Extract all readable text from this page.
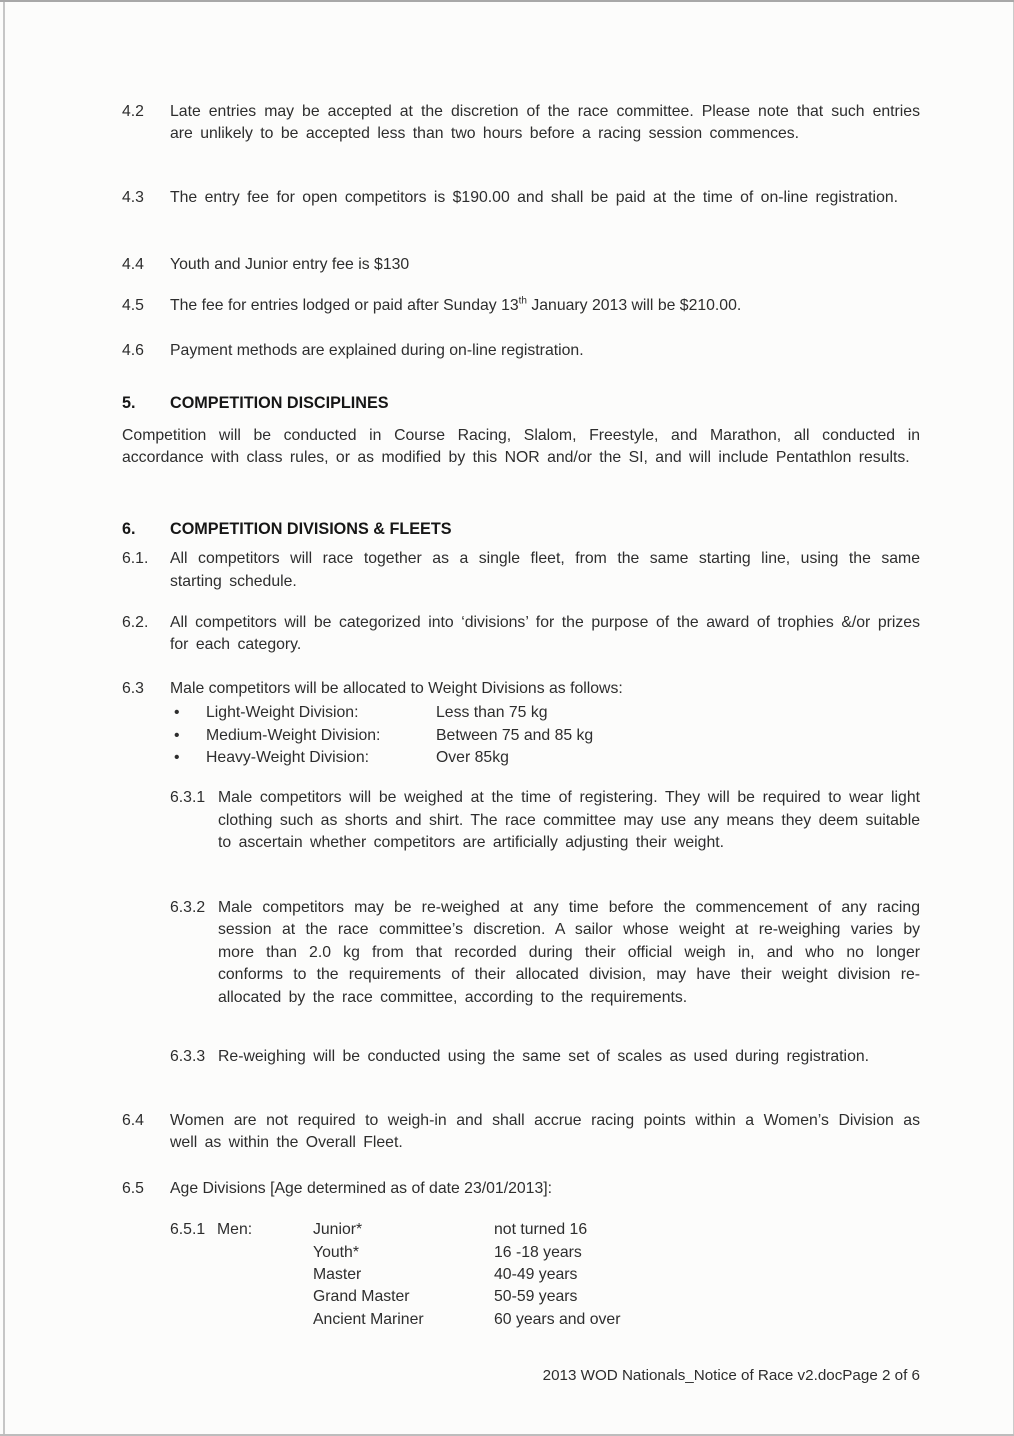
4.2	Late entries may be accepted at the discretion of the race committee. Please note that such entries are unlikely to be accepted less than two hours before a racing session commences.

4.3	The entry fee for open competitors is $190.00 and shall be paid at the time of on-line registration.

4.4	Youth and Junior entry fee is $130

4.5	The fee for entries lodged or paid after Sunday 13th January 2013 will be $210.00.

4.6	Payment methods are explained during on-line registration.

5.	COMPETITION DISCIPLINES

Competition will be conducted in Course Racing, Slalom, Freestyle, and Marathon, all conducted in accordance with class rules, or as modified by this NOR and/or the SI, and will include Pentathlon results.

6.	COMPETITION DIVISIONS & FLEETS

6.1.	All competitors will race together as a single fleet, from the same starting line, using the same starting schedule.

6.2.	All competitors will be categorized into ‘divisions’ for the purpose of the award of trophies &/or prizes for each category.

6.3	Male competitors will be allocated to Weight Divisions as follows:

•	Light-Weight Division:	Less than 75 kg
•	Medium-Weight Division:	Between 75 and 85 kg
•	Heavy-Weight Division:	Over 85kg
6.3.1 Male competitors will be weighed at the time of registering. They will be required to wear light clothing such as shorts and shirt. The race committee may use any means they deem suitable to ascertain whether competitors are artificially adjusting their weight.

6.3.2 Male competitors may be re-weighed at any time before the commencement of any racing session at the race committee’s discretion. A sailor whose weight at re-weighing varies by more than 2.0 kg from that recorded during their official weigh in, and who no longer conforms to the requirements of their allocated division, may have their weight division re-allocated by the race committee, according to the requirements.

6.3.3 Re-weighing will be conducted using the same set of scales as used during registration.

6.4	Women are not required to weigh-in and shall accrue racing points within a Women’s Division as well as within the Overall Fleet.

6.5	Age Divisions [Age determined as of date 23/01/2013]:

6.5.1 Men:	Junior*	not turned 16
Youth*	16 -18 years
Master	40-49 years
Grand Master	50-59 years
Ancient Mariner	60 years and over
2013 WOD Nationals_Notice of Race v2.docPage 2 of 6
